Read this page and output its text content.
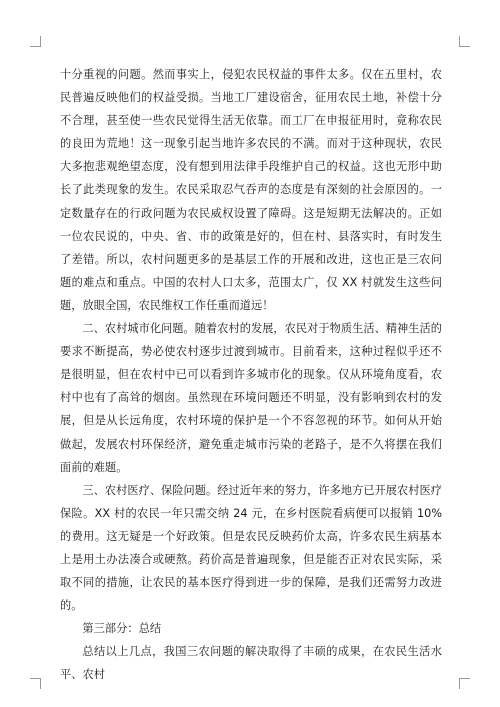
十分重视的问题。然而事实上，侵犯农民权益的事件太多。仅在五里村，农民普遍反映他们的权益受损。当地工厂建设宿舍，征用农民土地，补偿十分不合理，甚至使一些农民觉得生活无依靠。而工厂在申报征用时，竟称农民的良田为荒地！这一现象引起当地许多农民的不满。而对于这种现状，农民大多抱悲观绝望态度，没有想到用法律手段维护自己的权益。这也无形中助长了此类现象的发生。农民采取忍气吞声的态度是有深刻的社会原因的。一定数量存在的行政问题为农民威权设置了障碍。这是短期无法解决的。正如一位农民说的，中央、省、市的政策是好的，但在村、县落实时，有时发生了差错。所以，农村问题更多的是基层工作的开展和改进，这也正是三农问题的难点和重点。中国的农村人口太多，范围太广，仅 XX 村就发生这些问题，放眼全国，农民维权工作任重而道远！

二、农村城市化问题。随着农村的发展，农民对于物质生活、精神生活的要求不断提高，势必使农村逐步过渡到城市。目前看来，这种过程似乎还不是很明显，但在农村中已可以看到许多城市化的现象。仅从环境角度看，农村中也有了高耸的烟囱。虽然现在环境问题还不明显，没有影响到农村的发展，但是从长远角度，农村环境的保护是一个不容忽视的环节。如何从开始做起，发展农村环保经济，避免重走城市污染的老路子，是不久将摆在我们面前的难题。

三、农村医疗、保险问题。经过近年来的努力，许多地方已开展农村医疗保险。XX 村的农民一年只需交纳 24 元，在乡村医院看病便可以报销 10%的费用。这无疑是一个好政策。但是农民反映药价太高，许多农民生病基本上是用土办法凑合或硬熬。药价高是普遍现象，但是能否正对农民实际，采取不同的措施，让农民的基本医疗得到进一步的保障，是我们还需努力改进的。

第三部分：总结

总结以上几点，我国三农问题的解决取得了丰硕的成果，在农民生活水平、农村
